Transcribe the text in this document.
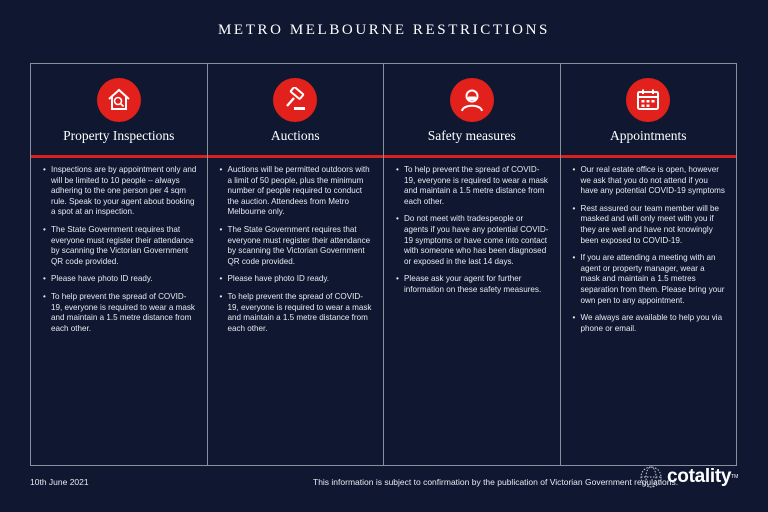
METRO MELBOURNE RESTRICTIONS
Property Inspections
• Inspections are by appointment only and will be limited to 10 people – always adhering to the one person per 4 sqm rule. Speak to your agent about booking a spot at an inspection.
• The State Government requires that everyone must register their attendance by scanning the Victorian Government QR code provided.
• Please have photo ID ready.
• To help prevent the spread of COVID-19, everyone is required to wear a mask and maintain a 1.5 metre distance from each other.
Auctions
• Auctions will be permitted outdoors with a limit of 50 people, plus the minimum number of people required to conduct the auction. Attendees from Metro Melbourne only.
• The State Government requires that everyone must register their attendance by scanning the Victorian Government QR code provided.
• Please have photo ID ready.
• To help prevent the spread of COVID-19, everyone is required to wear a mask and maintain a 1.5 metre distance from each other.
Safety measures
• To help prevent the spread of COVID-19, everyone is required to wear a mask and maintain a 1.5 metre distance from each other.
• Do not meet with tradespeople or agents if you have any potential COVID-19 symptoms or have come into contact with someone who has been diagnosed or exposed in the last 14 days.
• Please ask your agent for further information on these safety measures.
Appointments
• Our real estate office is open, however we ask that you do not attend if you have any potential COVID-19 symptoms
• Rest assured our team member will be masked and will only meet with you if they are well and have not knowingly been exposed to COVID-19.
• If you are attending a meeting with an agent or property manager, wear a mask and maintain a 1.5 metres separation from them. Please bring your own pen to any appointment.
• We always are available to help you via phone or email.
10th June 2021	This information is subject to confirmation by the publication of Victorian Government regulations.
cotality TM
